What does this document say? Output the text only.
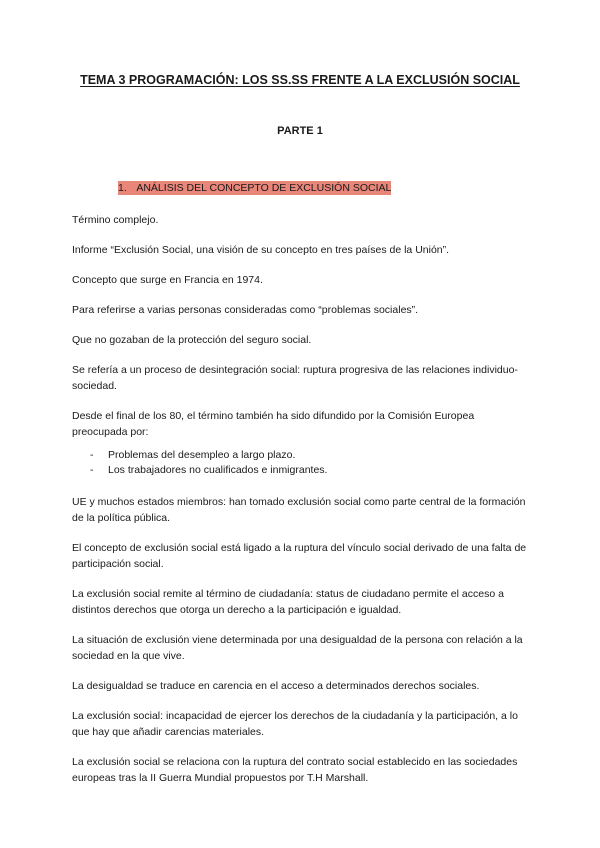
TEMA 3 PROGRAMACIÓN: LOS SS.SS FRENTE A LA EXCLUSIÓN SOCIAL
PARTE 1
1. ANÁLISIS DEL CONCEPTO DE EXCLUSIÓN SOCIAL

Término complejo.

Informe “Exclusión Social, una visión de su concepto en tres países de la Unión”.

Concepto que surge en Francia en 1974.

Para referirse a varias personas consideradas como “problemas sociales”.

Que no gozaban de la protección del seguro social.

Se refería a un proceso de desintegración social: ruptura progresiva de las relaciones individuo-sociedad.

Desde el final de los 80, el término también ha sido difundido por la Comisión Europea preocupada por:

- Problemas del desempleo a largo plazo.
- Los trabajadores no cualificados e inmigrantes.

UE y muchos estados miembros: han tomado exclusión social como parte central de la formación de la política pública.

El concepto de exclusión social está ligado a la ruptura del vínculo social derivado de una falta de participación social.

La exclusión social remite al término de ciudadanía: status de ciudadano permite el acceso a distintos derechos que otorga un derecho a la participación e igualdad.

La situación de exclusión viene determinada por una desigualdad de la persona con relación a la sociedad en la que vive.

La desigualdad se traduce en carencia en el acceso a determinados derechos sociales.

La exclusión social: incapacidad de ejercer los derechos de la ciudadanía y la participación, a lo que hay que añadir carencias materiales.

La exclusión social se relaciona con la ruptura del contrato social establecido en las sociedades europeas tras la II Guerra Mundial propuestos por T.H Marshall.
